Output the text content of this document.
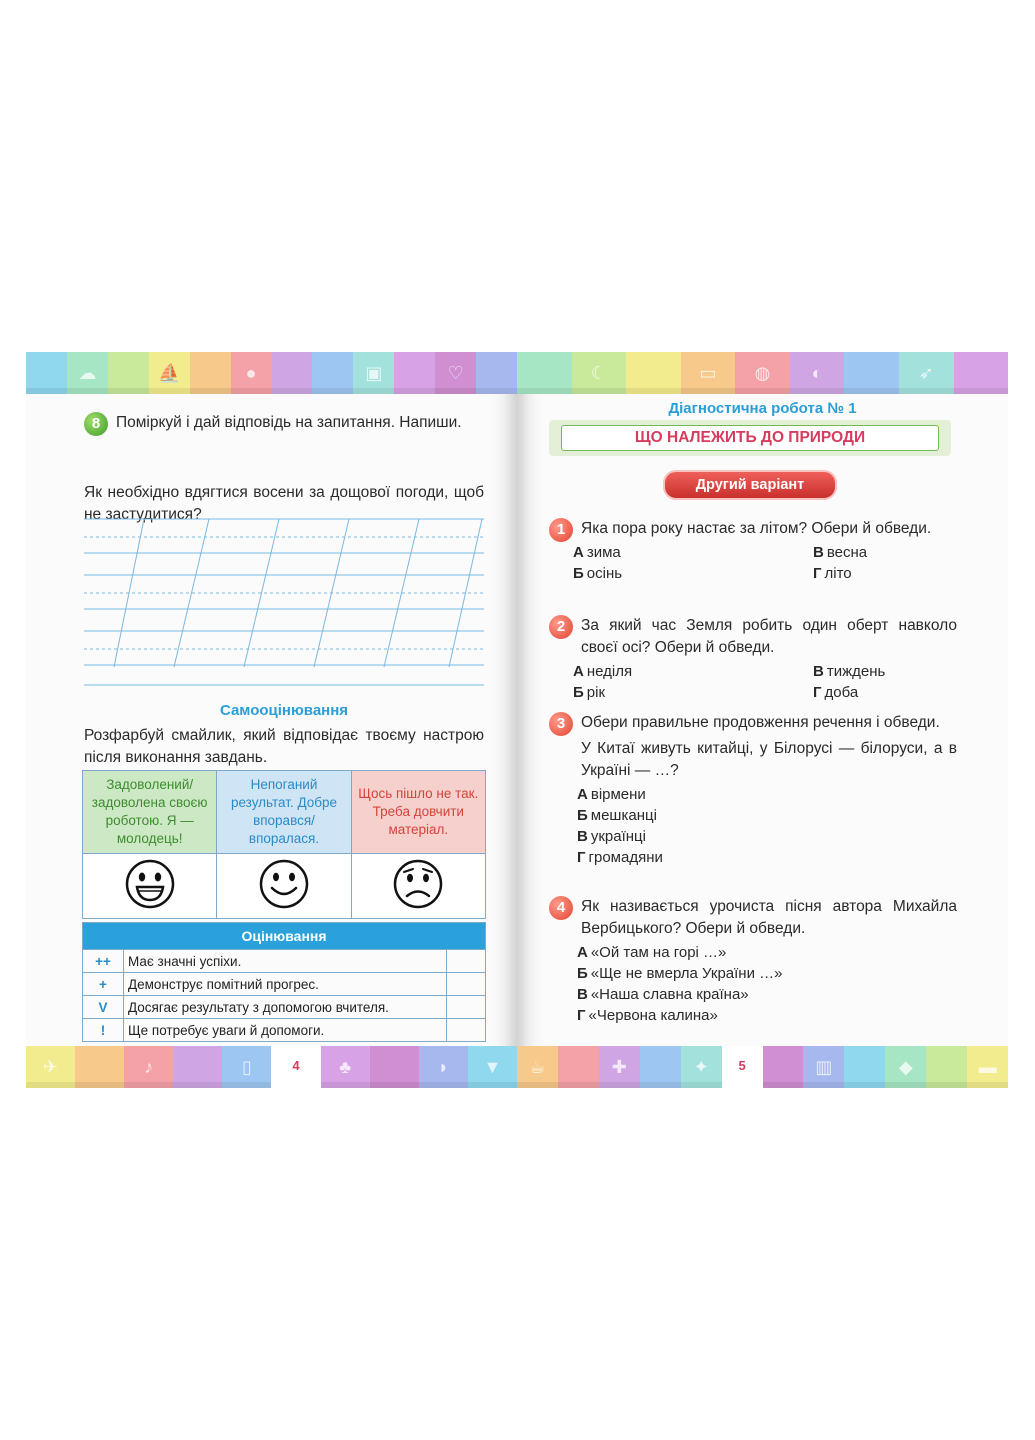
☁	⛵	●	▣	♡
8	Поміркуй і дай відповідь на запитання. Напиши.
Як необхідно вдягтися восени за дощової погоди, щоб не застудитися?
Самооцінювання
Розфарбуй смайлик, який відповідає твоєму настрою після виконання завдань.
Задоволений/ задоволена своєю роботою. Я — молодець!	Непоганий результат. Добре впорався/ впоралася.	Щось пішло не так. Треба довчити матеріал.

Оцінювання		
++	Має значні успіхи.	
+	Демонструє помітний прогрес.	
V	Досягає результату з допомогою вчителя.	
!	Ще потребує уваги й допомоги.	
✈	♪	▯	4	♣	◗ ▼
☾	▭ ◍ ◐	➶
Діагностична робота № 1
ЩО НАЛЕЖИТЬ ДО ПРИРОДИ
Другий варіант
1	Яка пора року настає за літом? Обери й обведи.
А зима	В весна
Б осінь	Г літо
2	За який час Земля робить один оберт навколо своєї осі? Обери й обведи.
А неділя	В тиждень
Б рік	Г доба
3	Обери правильне продовження речення і обведи.
У Китаї живуть китайці, у Білорусі — білоруси, а в Україні — …?
А вірмени
Б мешканці
В українці
Г громадяни
4	Як називається урочиста пісня автора Михайла Вербицького? Обери й обведи.
А «Ой там на горі …»
Б «Ще не вмерла України …»
В «Наша славна країна»
Г «Червона калина»
☕	✚	✦	5	▥	◆	▬
